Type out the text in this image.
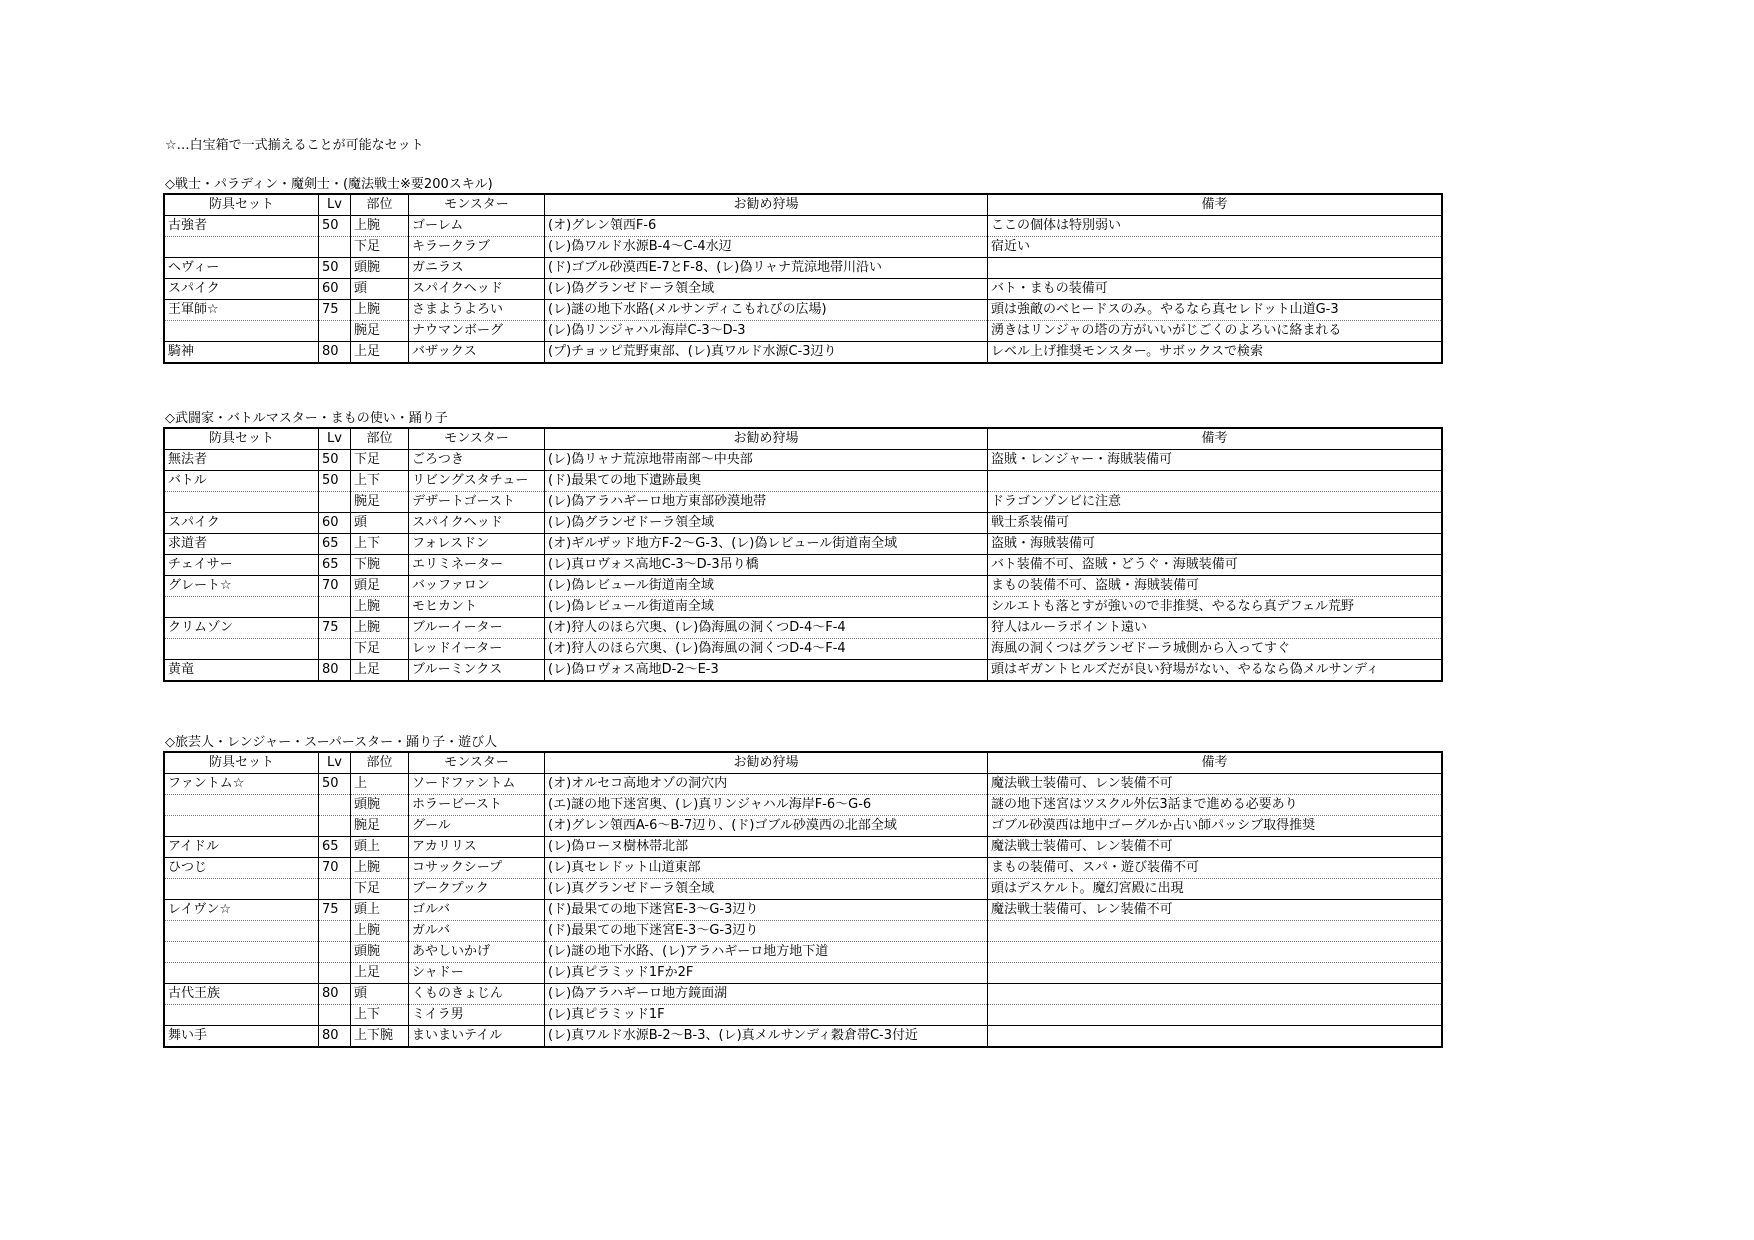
☆…白宝箱で一式揃えることが可能なセット
◇戦士・パラディン・魔剣士・(魔法戦士※要200スキル)
防具セット	Lv	部位	モンスター	お勧め狩場	備考
古強者	50	上腕	ゴーレム	(オ)グレン領西F-6	ここの個体は特別弱い
		下足	キラークラブ	(レ)偽ワルド水源B-4～C-4水辺	宿近い
ヘヴィー	50	頭腕	ガニラス	(ド)ゴブル砂漠西E-7とF-8、(レ)偽リャナ荒涼地帯川沿い	
スパイク	60	頭	スパイクヘッド	(レ)偽グランゼドーラ領全域	バト・まもの装備可
王軍師☆	75	上腕	さまようよろい	(レ)謎の地下水路(メルサンディこもれびの広場)	頭は強敵のベヒードスのみ。やるなら真セレドット山道G-3
		腕足	ナウマンボーグ	(レ)偽リンジャハル海岸C-3～D-3	湧きはリンジャの塔の方がいいがじごくのよろいに絡まれる
騎神	80	上足	バザックス	(プ)チョッピ荒野東部、(レ)真ワルド水源C-3辺り	レベル上げ推奨モンスター。サボックスで検索
◇武闘家・バトルマスター・まもの使い・踊り子
防具セット	Lv	部位	モンスター	お勧め狩場	備考
無法者	50	下足	ごろつき	(レ)偽リャナ荒涼地帯南部～中央部	盗賊・レンジャー・海賊装備可
バトル	50	上下	リビングスタチュー	(ド)最果ての地下遺跡最奥	
		腕足	デザートゴースト	(レ)偽アラハギーロ地方東部砂漠地帯	ドラゴンゾンビに注意
スパイク	60	頭	スパイクヘッド	(レ)偽グランゼドーラ領全域	戦士系装備可
求道者	65	上下	フォレスドン	(オ)ギルザッド地方F-2～G-3、(レ)偽レビュール街道南全域	盗賊・海賊装備可
チェイサー	65	下腕	エリミネーター	(レ)真ロヴォス高地C-3～D-3吊り橋	バト装備不可、盗賊・どうぐ・海賊装備可
グレート☆	70	頭足	バッファロン	(レ)偽レビュール街道南全域	まもの装備不可、盗賊・海賊装備可
		上腕	モヒカント	(レ)偽レビュール街道南全域	シルエトも落とすが強いので非推奨、やるなら真デフェル荒野
クリムゾン	75	上腕	ブルーイーター	(オ)狩人のほら穴奥、(レ)偽海風の洞くつD-4～F-4	狩人はルーラポイント遠い
		下足	レッドイーター	(オ)狩人のほら穴奥、(レ)偽海風の洞くつD-4～F-4	海風の洞くつはグランゼドーラ城側から入ってすぐ
黄竜	80	上足	ブルーミンクス	(レ)偽ロヴォス高地D-2～E-3	頭はギガントヒルズだが良い狩場がない、やるなら偽メルサンディ
◇旅芸人・レンジャー・スーパースター・踊り子・遊び人
防具セット	Lv	部位	モンスター	お勧め狩場	備考
ファントム☆	50	上	ソードファントム	(オ)オルセコ高地オゾの洞穴内	魔法戦士装備可、レン装備不可
		頭腕	ホラービースト	(エ)謎の地下迷宮奥、(レ)真リンジャハル海岸F-6～G-6	謎の地下迷宮はツスクル外伝3話まで進める必要あり
		腕足	グール	(オ)グレン領西A-6～B-7辺り、(ド)ゴブル砂漠西の北部全域	ゴブル砂漠西は地中ゴーグルか占い師パッシブ取得推奨
アイドル	65	頭上	アカリリス	(レ)偽ローヌ樹林帯北部	魔法戦士装備可、レン装備不可
ひつじ	70	上腕	コサックシープ	(レ)真セレドット山道東部	まもの装備可、スパ・遊び装備不可
		下足	ブークプック	(レ)真グランゼドーラ領全域	頭はデスケルト。魔幻宮殿に出現
レイヴン☆	75	頭上	ゴルバ	(ド)最果ての地下迷宮E-3～G-3辺り	魔法戦士装備可、レン装備不可
		上腕	ガルバ	(ド)最果ての地下迷宮E-3～G-3辺り	
		頭腕	あやしいかげ	(レ)謎の地下水路、(レ)アラハギーロ地方地下道	
		上足	シャドー	(レ)真ピラミッド1Fか2F	
古代王族	80	頭	くものきょじん	(レ)偽アラハギーロ地方鏡面湖	
		上下	ミイラ男	(レ)真ピラミッド1F	
舞い手	80	上下腕	まいまいテイル	(レ)真ワルド水源B-2～B-3、(レ)真メルサンディ穀倉帯C-3付近	
